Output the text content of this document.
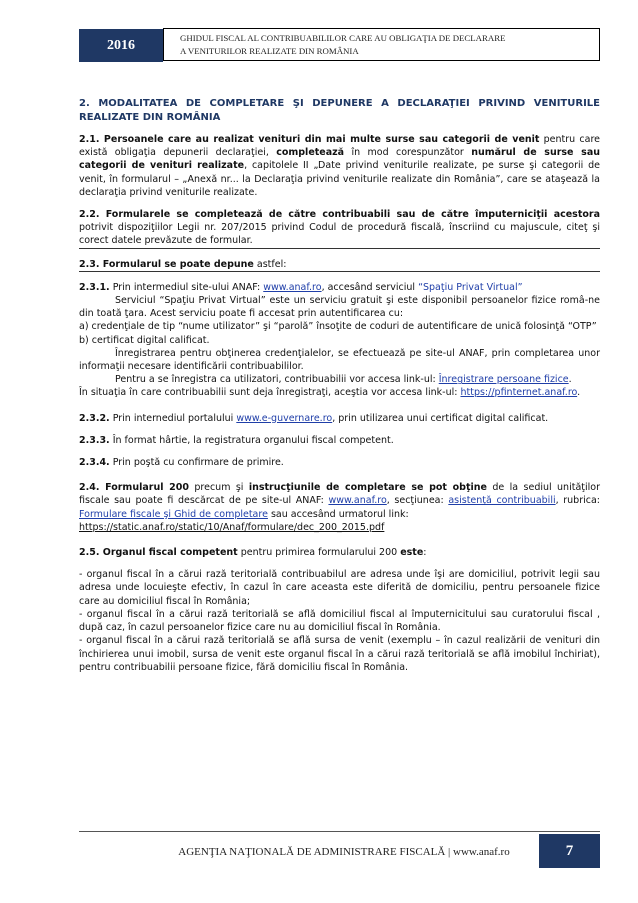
2016	GHIDUL FISCAL AL CONTRIBUABILILOR CARE AU OBLIGAŢIA DE DECLARARE
A VENITURILOR REALIZATE DIN ROMÂNIA

2. MODALITATEA DE COMPLETARE ŞI DEPUNERE A DECLARAŢIEI PRIVIND VENITURILE REALIZATE DIN ROMÂNIA

2.1. Persoanele care au realizat venituri din mai multe surse sau categorii de venit pentru care există obligaţia depunerii declaraţiei, completează în mod corespunzător numărul de surse sau categorii de venituri realizate, capitolele II „Date privind veniturile realizate, pe surse şi categorii de venit, în formularul – „Anexă nr... la Declaraţia privind veniturile realizate din România”, care se ataşează la declaraţia privind veniturile realizate.

2.2. Formularele se completează de către contribuabili sau de către împuterniciţii acestora potrivit dispoziţiilor Legii nr. 207/2015 privind Codul de procedură fiscală, înscriind cu majuscule, citeţ şi corect datele prevăzute de formular.

2.3. Formularul se poate depune astfel:

2.3.1. Prin intermediul site-ului ANAF: www.anaf.ro, accesând serviciul “Spaţiu Privat Virtual”

Serviciul “Spaţiu Privat Virtual” este un serviciu gratuit şi este disponibil persoanelor fizice româ-ne din toată ţara. Acest serviciu poate fi accesat prin autentificarea cu:

a) credenţiale de tip “nume utilizator” şi “parolă” însoţite de coduri de autentificare de unică folosinţă “OTP”

b) certificat digital calificat.

Înregistrarea pentru obţinerea credenţialelor, se efectuează pe site-ul ANAF, prin completarea unor informaţii necesare identificării contribuabililor.

Pentru a se înregistra ca utilizatori, contribuabilii vor accesa link-ul: Înregistrare persoane fizice.

În situaţia în care contribuabilii sunt deja înregistraţi, aceştia vor accesa link-ul: https://pfinternet.anaf.ro.

2.3.2. Prin internediul portalului www.e-guvernare.ro, prin utilizarea unui certificat digital calificat.

2.3.3. În format hârtie, la registratura organului fiscal competent.

2.3.4. Prin poştă cu confirmare de primire.

2.4. Formularul 200 precum şi instrucţiunile de completare se pot obţine de la sediul unităţilor fiscale sau poate fi descărcat de pe site-ul ANAF: www.anaf.ro, secţiunea: asistenţă contribuabili, rubrica: Formulare fiscale şi Ghid de completare sau accesând urmatorul link:

https://static.anaf.ro/static/10/Anaf/formulare/dec_200_2015.pdf

2.5. Organul fiscal competent pentru primirea formularului 200 este:

- organul fiscal în a cărui rază teritorială contribuabilul are adresa unde îşi are domiciliul, potrivit legii sau adresa unde locuieşte efectiv, în cazul în care aceasta este diferită de domiciliu, pentru persoanele fizice care au domiciliul fiscal în România;

- organul fiscal în a cărui rază teritorială se află domiciliul fiscal al împuternicitului sau curatorului fiscal , după caz, în cazul persoanelor fizice care nu au domiciliul fiscal în România.

- organul fiscal în a cărui rază teritorială se află sursa de venit (exemplu – în cazul realizării de venituri din închirierea unui imobil, sursa de venit este organul fiscal în a cărui rază teritorială se află imobilul închiriat), pentru contribuabilii persoane fizice, fără domiciliu fiscal în România.

AGENŢIA NAŢIONALĂ DE ADMINISTRARE FISCALĂ | www.anaf.ro	7
